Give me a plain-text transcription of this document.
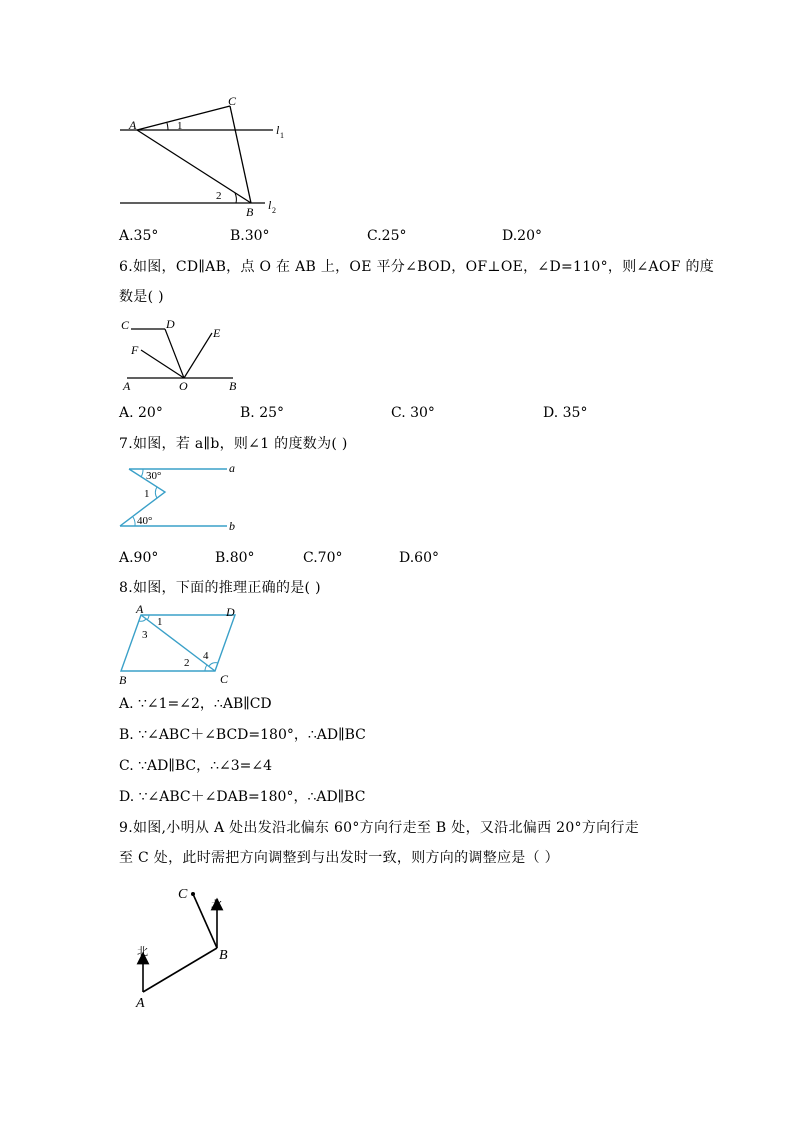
A
C
B
1
2
l 1
l 2
A.35°	B.30°	C.25°	D.20°
6.如图，CD∥AB，点 O 在 AB 上，OE 平分∠BOD，OF⊥OE，∠D=110°，则∠AOF 的度
数是( )
C	D
E
F
A	O	B
A. 20°	B. 25°	C. 30°	D. 35°
7.如图，若 a∥b，则∠1 的度数为( )
30°
1
40°
a
b
A.90°	B.80°	C.70°	D.60°
8.如图，下面的推理正确的是( )
A	D
B	C
1
3
2
4
A. ∵∠1=∠2，∴AB∥CD
B. ∵∠ABC＋∠BCD=180°，∴AD∥BC
C. ∵AD∥BC，∴∠3=∠4
D. ∵∠ABC＋∠DAB=180°，∴AD∥BC
9.如图,小明从 A 处出发沿北偏东 60°方向行走至 B 处，又沿北偏西 20°方向行走
至 C 处，此时需把方向调整到与出发时一致，则方向的调整应是（ ）
A
B
C
北
北
